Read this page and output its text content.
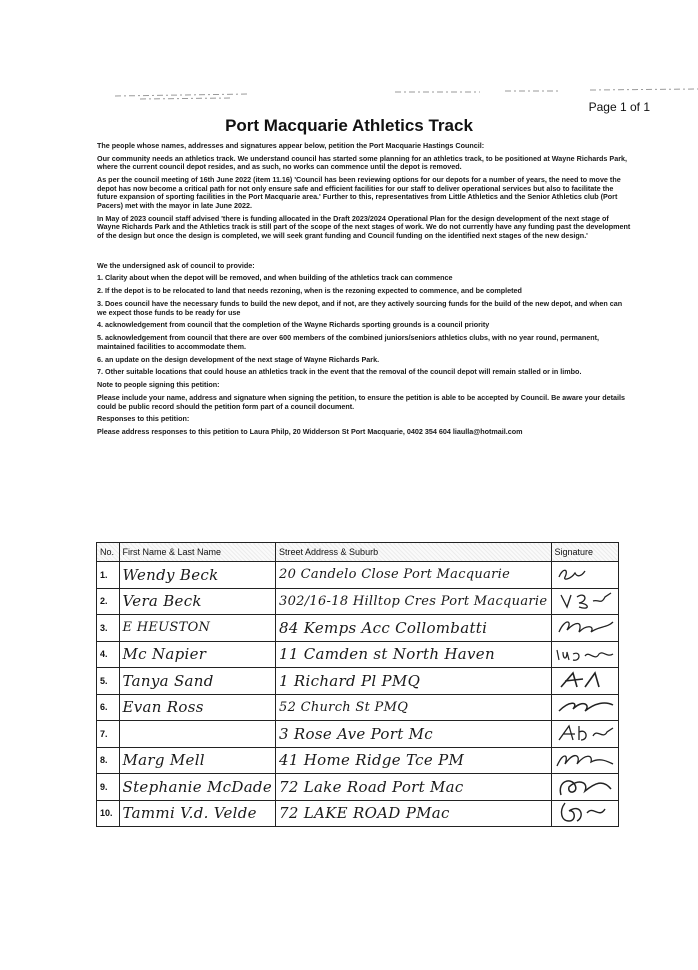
Page 1 of 1
Port Macquarie Athletics Track

The people whose names, addresses and signatures appear below, petition the Port Macquarie Hastings Council:

Our community needs an athletics track. We understand council has started some planning for an athletics track, to be positioned at Wayne Richards Park, where the current council depot resides, and as such, no works can commence until the depot is removed.

As per the council meeting of 16th June 2022 (item 11.16) 'Council has been reviewing options for our depots for a number of years, the need to move the depot has now become a critical path for not only ensure safe and efficient facilities for our staff to deliver operational services but also to facilitate the future expansion of sporting facilities in the Port Macquarie area.' Further to this, representatives from Little Athletics and the Senior Athletics club (Port Pacers) met with the mayor in late June 2022.

In May of 2023 council staff advised 'there is funding allocated in the Draft 2023/2024 Operational Plan for the design development of the next stage of Wayne Richards Park and the Athletics track is still part of the scope of the next stages of work. We do not currently have any funding past the development of the design but once the design is completed, we will seek grant funding and Council funding on the identified next stages of the new design.'

We the undersigned ask of council to provide:

1. Clarity about when the depot will be removed, and when building of the athletics track can commence

2. If the depot is to be relocated to land that needs rezoning, when is the rezoning expected to commence, and be completed

3. Does council have the necessary funds to build the new depot, and if not, are they actively sourcing funds for the build of the new depot, and when can we expect those funds to be ready for use

4. acknowledgement from council that the completion of the Wayne Richards sporting grounds is a council priority

5. acknowledgement from council that there are over 600 members of the combined juniors/seniors athletics clubs, with no year round, permanent, maintained facilities to accommodate them.

6. an update on the design development of the next stage of Wayne Richards Park.

7. Other suitable locations that could house an athletics track in the event that the removal of the council depot will remain stalled or in limbo.

Note to people signing this petition:

Please include your name, address and signature when signing the petition, to ensure the petition is able to be accepted by Council. Be aware your details could be public record should the petition form part of a council document.

Responses to this petition:

Please address responses to this petition to Laura Philp, 20 Widderson St Port Macquarie, 0402 354 604 liaulla@hotmail.com

No.	First Name & Last Name	Street Address & Suburb	Signature
1.	Wendy Beck	20 Candelo Close Port Macquarie	
2.	Vera Beck	302/16-18 Hilltop Cres Port Macquarie	
3.	E HEUSTON	84 Kemps Acc Collombatti	
4.	Mc Napier	11 Camden st North Haven	
5.	Tanya Sand	1 Richard Pl PMQ	
6.	Evan Ross	52 Church St PMQ	
7.		3 Rose Ave Port Mc	
8.	Marg Mell	41 Home Ridge Tce PM	
9.	Stephanie McDade	72 Lake Road Port Mac	
10.	Tammi V.d. Velde	72 LAKE ROAD PMac	
